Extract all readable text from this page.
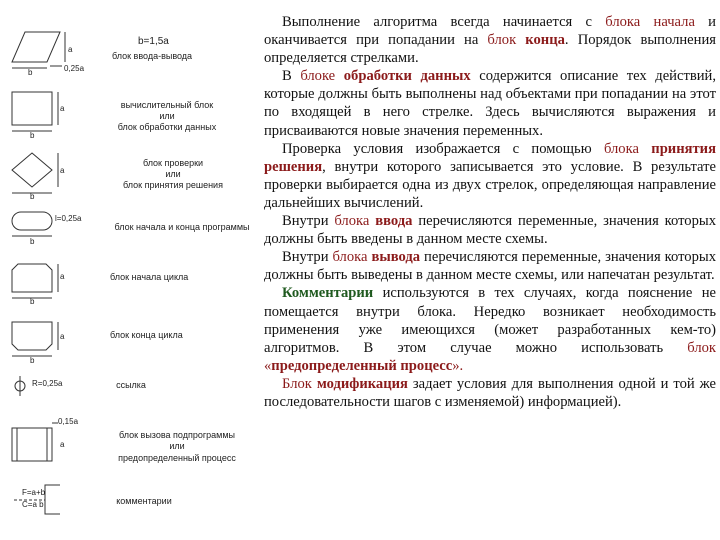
b=1,5a
a
0,25a
b
a
b
a
b
l=0,25a
b
a
b
a
b
R=0,25a
0,15a
a
F=a+b
C=a b
блок ввода-вывода
вычислительный блок
или
блок обработки данных
блок проверки
или
блок принятия решения
блок начала и конца программы
блок начала цикла
блок конца цикла
ссылка
блок вызова подпрограммы
или
предопределенный процесс
комментарии

Выполнение алгоритма всегда начинается с блока начала и оканчивается при попадании на блок конца. Порядок выполнения определяется стрелками.

В блоке обработки данных содержится описание тех действий, которые должны быть выполнены над объектами при попадании на этот по входящей в него стрелке. Здесь вычисляются выражения и присваиваются новые значения переменных.

Проверка условия изображается с помощью блока принятия решения, внутри которого записывается это условие. В результате проверки выбирается одна из двух стрелок, определяющая направление дальнейших вычислений.

Внутри блока ввода перечисляются переменные, значения которых должны быть введены в данном месте схемы.

Внутри блока вывода перечисляются переменные, значения которых должны быть выведены в данном месте схемы, или напечатан результат.

Комментарии используются в тех случаях, когда пояснение не помещается внутри блока. Нередко возникает необходимость применения уже имеющихся (может разработанных кем-то) алгоритмов. В этом случае можно использовать блок «предопределенный процесс».

Блок модификация задает условия для выполнения одной и той же последовательности шагов с изменяемой) информацией).
